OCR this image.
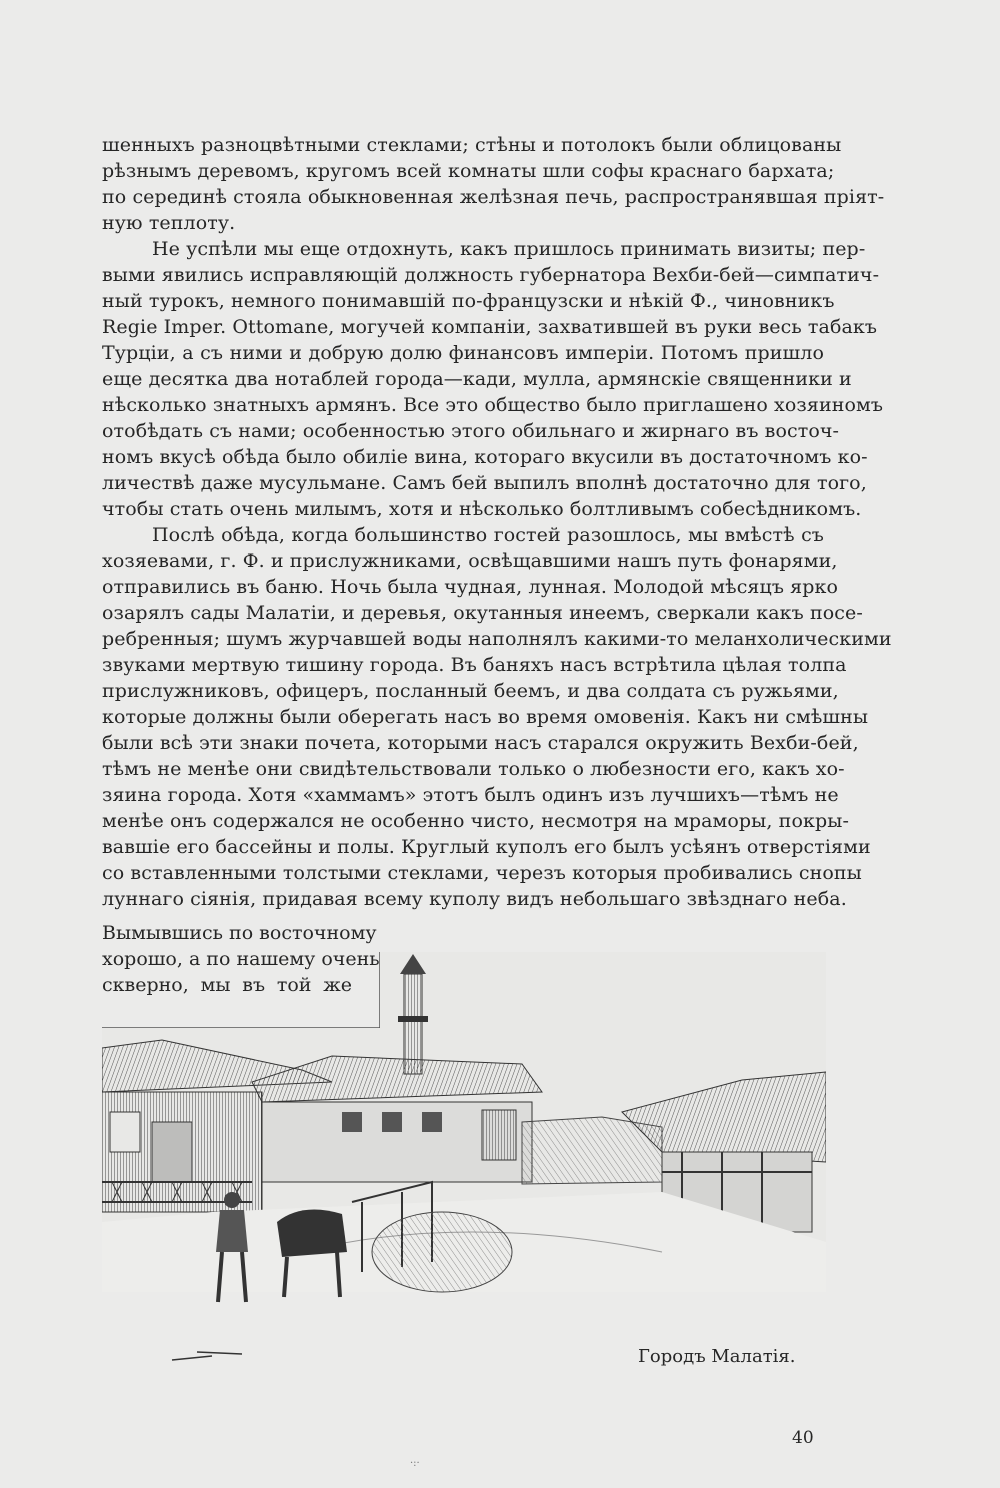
шенныхъ разноцвѣтными стеклами; стѣны и потолокъ были облицованы
рѣзнымъ деревомъ, кругомъ всей комнаты шли софы краснаго бархата;
по серединѣ стояла обыкновенная желѣзная печь, распространявшая пріят-
ную теплоту.
Не успѣли мы еще отдохнуть, какъ пришлось принимать визиты; пер-
выми явились исправляющій должность губернатора Вехби-бей—симпатич-
ный турокъ, немного понимавшій по-французски и нѣкій Ф., чиновникъ
Regie Imper. Ottomane, могучей компаніи, захватившей въ руки весь табакъ
Турціи, а съ ними и добрую долю финансовъ имперіи. Потомъ пришло
еще десятка два нотаблей города—кади, мулла, армянскіе священники и
нѣсколько знатныхъ армянъ. Все это общество было приглашено хозяиномъ
отобѣдать съ нами; особенностью этого обильнаго и жирнаго въ восточ-
номъ вкусѣ обѣда было обиліе вина, котораго вкусили въ достаточномъ ко-
личествѣ даже мусульмане. Самъ бей выпилъ вполнѣ достаточно для того,
чтобы стать очень милымъ, хотя и нѣсколько болтливымъ собесѣдникомъ.
Послѣ обѣда, когда большинство гостей разошлось, мы вмѣстѣ съ
хозяевами, г. Ф. и прислужниками, освѣщавшими нашъ путь фонарями,
отправились въ баню. Ночь была чудная, лунная. Молодой мѣсяцъ ярко
озарялъ сады Малатіи, и деревья, окутанныя инеемъ, сверкали какъ посе-
ребренныя; шумъ журчавшей воды наполнялъ какими-то меланхолическими
звуками мертвую тишину города. Въ баняхъ насъ встрѣтила цѣлая толпа
прислужниковъ, офицеръ, посланный беемъ, и два солдата съ ружьями,
которые должны были оберегать насъ во время омовенія. Какъ ни смѣшны
были всѣ эти знаки почета, которыми насъ старался окружить Вехби-бей,
тѣмъ не менѣе они свидѣтельствовали только о любезности его, какъ хо-
зяина города. Хотя «хаммамъ» этотъ былъ одинъ изъ лучшихъ—тѣмъ не
менѣе онъ содержался не особенно чисто, несмотря на мраморы, покры-
вавшіе его бассейны и полы. Круглый куполъ его былъ усѣянъ отверстіями
со вставленными толстыми стеклами, черезъ которыя пробивались снопы
луннаго сіянія, придавая всему куполу видъ небольшаго звѣзднаго неба.
Вымывшись по восточному
хорошо, а по нашему очень
скверно, мы въ той же
Городъ Малатія.
40
·:·
